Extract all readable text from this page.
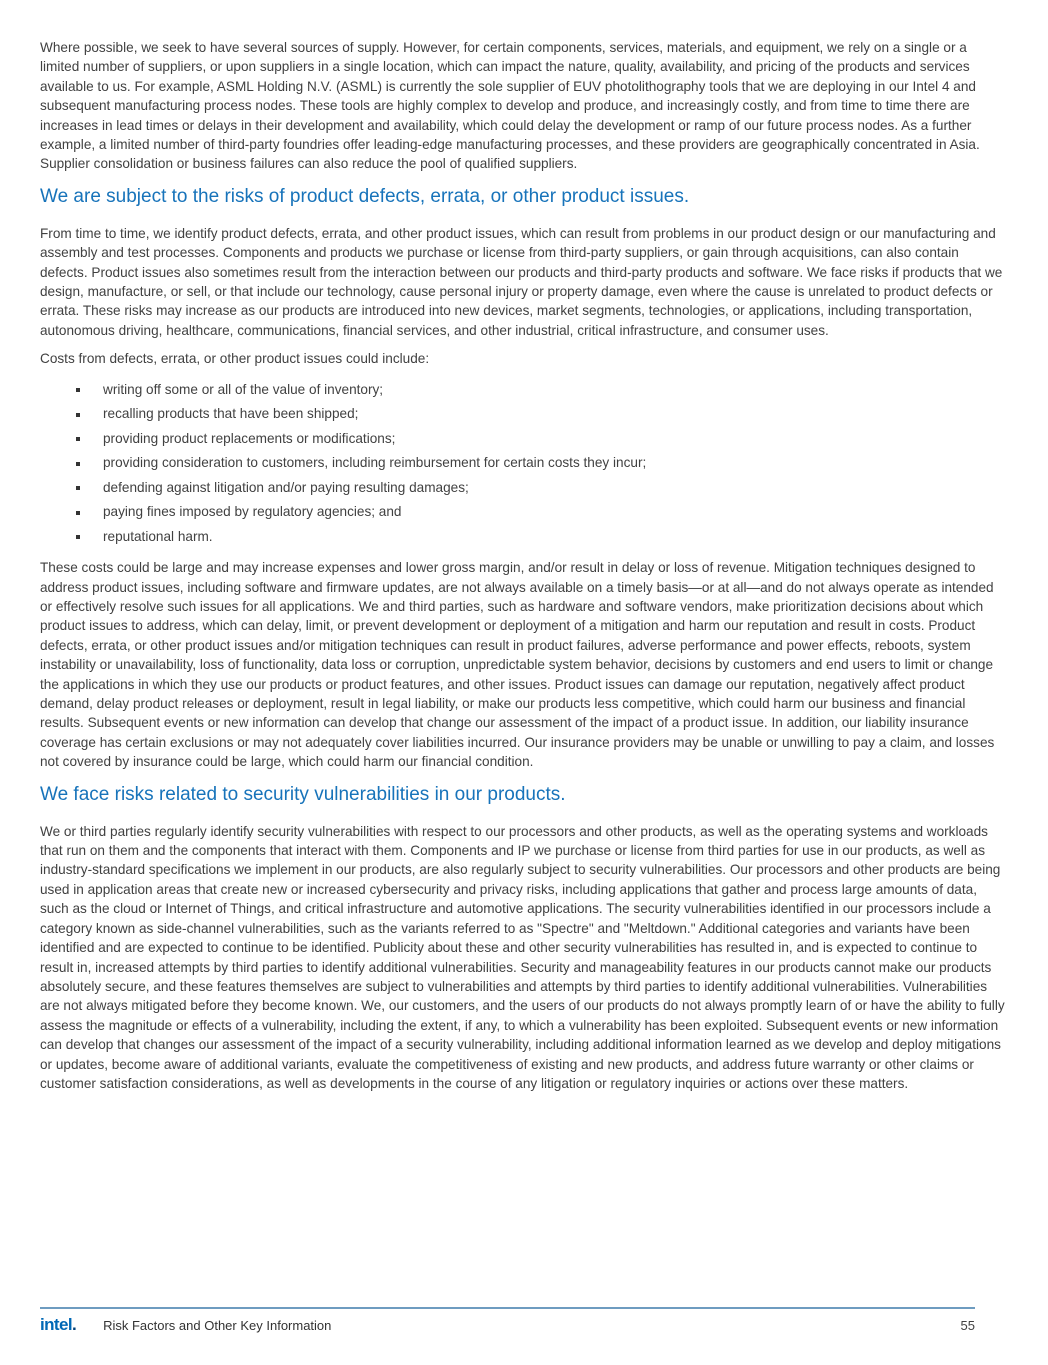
Where possible, we seek to have several sources of supply. However, for certain components, services, materials, and equipment, we rely on a single or a limited number of suppliers, or upon suppliers in a single location, which can impact the nature, quality, availability, and pricing of the products and services available to us. For example, ASML Holding N.V. (ASML) is currently the sole supplier of EUV photolithography tools that we are deploying in our Intel 4 and subsequent manufacturing process nodes. These tools are highly complex to develop and produce, and increasingly costly, and from time to time there are increases in lead times or delays in their development and availability, which could delay the development or ramp of our future process nodes. As a further example, a limited number of third-party foundries offer leading-edge manufacturing processes, and these providers are geographically concentrated in Asia. Supplier consolidation or business failures can also reduce the pool of qualified suppliers.

We are subject to the risks of product defects, errata, or other product issues.

From time to time, we identify product defects, errata, and other product issues, which can result from problems in our product design or our manufacturing and assembly and test processes. Components and products we purchase or license from third-party suppliers, or gain through acquisitions, can also contain defects. Product issues also sometimes result from the interaction between our products and third-party products and software. We face risks if products that we design, manufacture, or sell, or that include our technology, cause personal injury or property damage, even where the cause is unrelated to product defects or errata. These risks may increase as our products are introduced into new devices, market segments, technologies, or applications, including transportation, autonomous driving, healthcare, communications, financial services, and other industrial, critical infrastructure, and consumer uses.

Costs from defects, errata, or other product issues could include:

writing off some or all of the value of inventory;
recalling products that have been shipped;
providing product replacements or modifications;
providing consideration to customers, including reimbursement for certain costs they incur;
defending against litigation and/or paying resulting damages;
paying fines imposed by regulatory agencies; and
reputational harm.

These costs could be large and may increase expenses and lower gross margin, and/or result in delay or loss of revenue. Mitigation techniques designed to address product issues, including software and firmware updates, are not always available on a timely basis—or at all—and do not always operate as intended or effectively resolve such issues for all applications. We and third parties, such as hardware and software vendors, make prioritization decisions about which product issues to address, which can delay, limit, or prevent development or deployment of a mitigation and harm our reputation and result in costs. Product defects, errata, or other product issues and/or mitigation techniques can result in product failures, adverse performance and power effects, reboots, system instability or unavailability, loss of functionality, data loss or corruption, unpredictable system behavior, decisions by customers and end users to limit or change the applications in which they use our products or product features, and other issues. Product issues can damage our reputation, negatively affect product demand, delay product releases or deployment, result in legal liability, or make our products less competitive, which could harm our business and financial results. Subsequent events or new information can develop that change our assessment of the impact of a product issue. In addition, our liability insurance coverage has certain exclusions or may not adequately cover liabilities incurred. Our insurance providers may be unable or unwilling to pay a claim, and losses not covered by insurance could be large, which could harm our financial condition.

We face risks related to security vulnerabilities in our products.

We or third parties regularly identify security vulnerabilities with respect to our processors and other products, as well as the operating systems and workloads that run on them and the components that interact with them. Components and IP we purchase or license from third parties for use in our products, as well as industry-standard specifications we implement in our products, are also regularly subject to security vulnerabilities. Our processors and other products are being used in application areas that create new or increased cybersecurity and privacy risks, including applications that gather and process large amounts of data, such as the cloud or Internet of Things, and critical infrastructure and automotive applications. The security vulnerabilities identified in our processors include a category known as side-channel vulnerabilities, such as the variants referred to as "Spectre" and "Meltdown." Additional categories and variants have been identified and are expected to continue to be identified. Publicity about these and other security vulnerabilities has resulted in, and is expected to continue to result in, increased attempts by third parties to identify additional vulnerabilities. Security and manageability features in our products cannot make our products absolutely secure, and these features themselves are subject to vulnerabilities and attempts by third parties to identify additional vulnerabilities. Vulnerabilities are not always mitigated before they become known. We, our customers, and the users of our products do not always promptly learn of or have the ability to fully assess the magnitude or effects of a vulnerability, including the extent, if any, to which a vulnerability has been exploited. Subsequent events or new information can develop that changes our assessment of the impact of a security vulnerability, including additional information learned as we develop and deploy mitigations or updates, become aware of additional variants, evaluate the competitiveness of existing and new products, and address future warranty or other claims or customer satisfaction considerations, as well as developments in the course of any litigation or regulatory inquiries or actions over these matters.

intel. Risk Factors and Other Key Information	55
